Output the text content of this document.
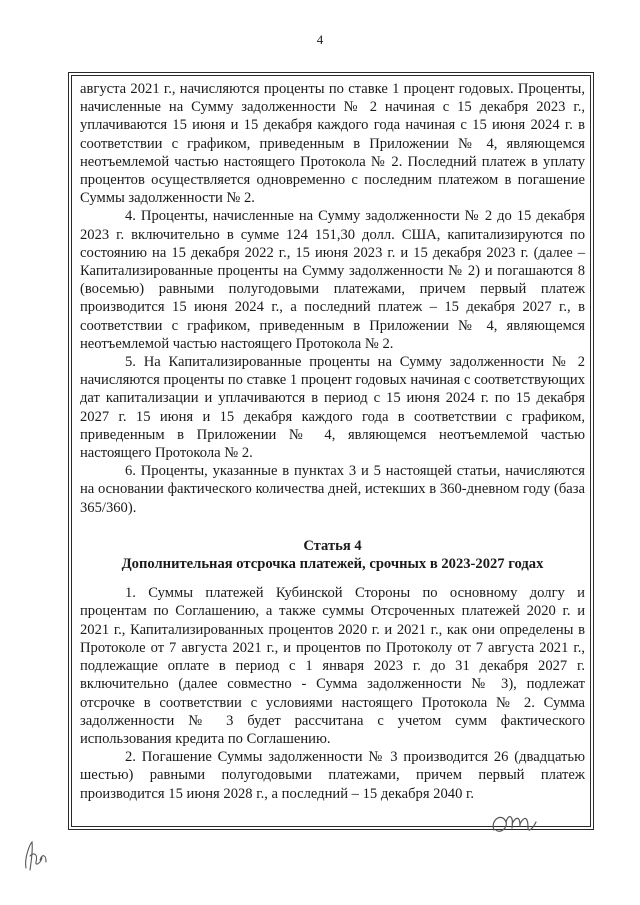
4

августа 2021 г., начисляются проценты по ставке 1 процент годовых. Проценты, начисленные на Сумму задолженности № 2 начиная с 15 декабря 2023 г., уплачиваются 15 июня и 15 декабря каждого года начиная с 15 июня 2024 г. в соответствии с графиком, приведенным в Приложении № 4, являющемся неотъемлемой частью настоящего Протокола № 2. Последний платеж в уплату процентов осуществляется одновременно с последним платежом в погашение Суммы задолженности № 2.

4. Проценты, начисленные на Сумму задолженности № 2 до 15 декабря 2023 г. включительно в сумме 124 151,30 долл. США, капитализируются по состоянию на 15 декабря 2022 г., 15 июня 2023 г. и 15 декабря 2023 г. (далее – Капитализированные проценты на Сумму задолженности № 2) и погашаются 8 (восемью) равными полугодовыми платежами, причем первый платеж производится 15 июня 2024 г., а последний платеж – 15 декабря 2027 г., в соответствии с графиком, приведенным в Приложении № 4, являющемся неотъемлемой частью настоящего Протокола № 2.

5. На Капитализированные проценты на Сумму задолженности № 2 начисляются проценты по ставке 1 процент годовых начиная с соответствующих дат капитализации и уплачиваются в период с 15 июня 2024 г. по 15 декабря 2027 г. 15 июня и 15 декабря каждого года в соответствии с графиком, приведенным в Приложении № 4, являющемся неотъемлемой частью настоящего Протокола № 2.

6. Проценты, указанные в пунктах 3 и 5 настоящей статьи, начисляются на основании фактического количества дней, истекших в 360-дневном году (база 365/360).

Статья 4

Дополнительная отсрочка платежей, срочных в 2023-2027 годах

1. Суммы платежей Кубинской Стороны по основному долгу и процентам по Соглашению, а также суммы Отсроченных платежей 2020 г. и 2021 г., Капитализированных процентов 2020 г. и 2021 г., как они определены в Протоколе от 7 августа 2021 г., и процентов по Протоколу от 7 августа 2021 г., подлежащие оплате в период с 1 января 2023 г. до 31 декабря 2027 г. включительно (далее совместно - Сумма задолженности № 3), подлежат отсрочке в соответствии с условиями настоящего Протокола № 2. Сумма задолженности № 3 будет рассчитана с учетом сумм фактического использования кредита по Соглашению.

2. Погашение Суммы задолженности № 3 производится 26 (двадцатью шестью) равными полугодовыми платежами, причем первый платеж производится 15 июня 2028 г., а последний – 15 декабря 2040 г.
